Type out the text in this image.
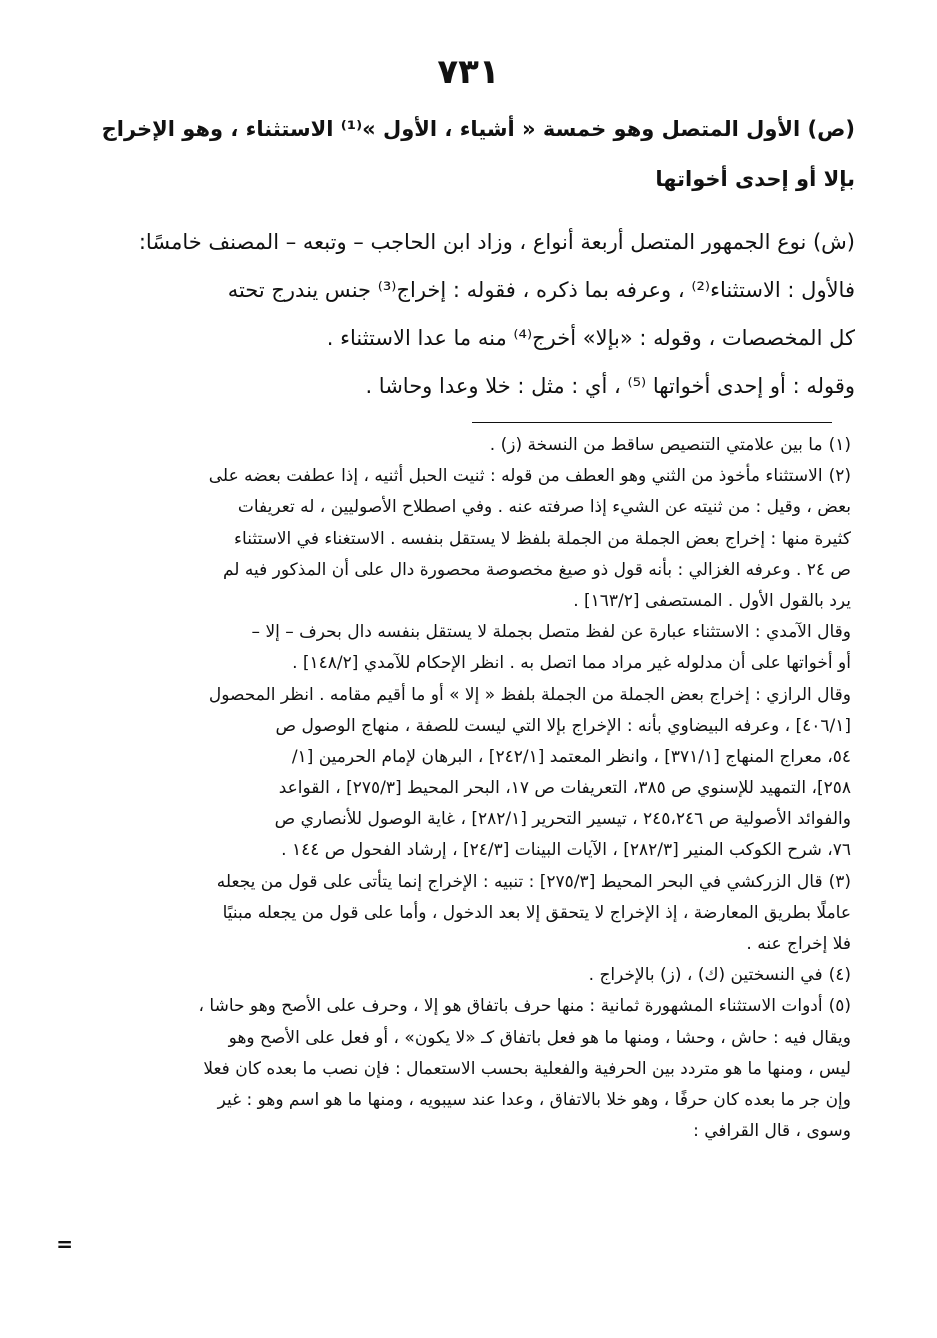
٧٣١
(ص) الأول المتصل وهو خمسة « أشياء ، الأول »⁽¹⁾ الاستثناء ، وهو الإخراج
بإلا أو إحدى أخواتها
(ش) نوع الجمهور المتصل أربعة أنواع ، وزاد ابن الحاجب – وتبعه – المصنف خامسًا:
فالأول : الاستثناء⁽²⁾ ، وعرفه بما ذكره ، فقوله : إخراج⁽³⁾ جنس يندرج تحته
كل المخصصات ، وقوله : «بإلا» أخرج⁽⁴⁾ منه ما عدا الاستثناء .
وقوله : أو إحدى أخواتها ⁽⁵⁾ ، أي : مثل : خلا وعدا وحاشا .
(١)ما بين علامتي التنصيص ساقط من النسخة (ز) .
(٢)الاستثناء مأخوذ من الثني وهو العطف من قوله : ثنيت الحبل أثنيه ، إذا عطفت بعضه على
بعض ، وقيل : من ثنيته عن الشيء إذا صرفته عنه . وفي اصطلاح الأصوليين ، له تعريفات
كثيرة منها : إخراج بعض الجملة من الجملة بلفظ لا يستقل بنفسه . الاستغناء في الاستثناء
ص ٢٤ . وعرفه الغزالي : بأنه قول ذو صيغ مخصوصة محصورة دال على أن المذكور فيه لم
يرد بالقول الأول . المستصفى [١٦٣/٢] .
وقال الآمدي : الاستثناء عبارة عن لفظ متصل بجملة لا يستقل بنفسه دال بحرف – إلا –
أو أخواتها على أن مدلوله غير مراد مما اتصل به . انظر الإحكام للآمدي [١٤٨/٢] .
وقال الرازي : إخراج بعض الجملة من الجملة بلفظ « إلا » أو ما أقيم مقامه . انظر المحصول
[٤٠٦/١] ، وعرفه البيضاوي بأنه : الإخراج بإلا التي ليست للصفة ، منهاج الوصول ص
٥٤، معراج المنهاج [٣٧١/١] ، وانظر المعتمد [٢٤٢/١] ، البرهان لإمام الحرمين [١/
٢٥٨]، التمهيد للإسنوي ص ٣٨٥، التعريفات ص ١٧، البحر المحيط [٢٧٥/٣] ، القواعد
والفوائد الأصولية ص ٢٤٥،٢٤٦ ، تيسير التحرير [٢٨٢/١] ، غاية الوصول للأنصاري ص
٧٦، شرح الكوكب المنير [٢٨٢/٣] ، الآيات البينات [٢٤/٣] ، إرشاد الفحول ص ١٤٤ .
(٣)قال الزركشي في البحر المحيط [٢٧٥/٣] : تنبيه : الإخراج إنما يتأتى على قول من يجعله
عاملًا بطريق المعارضة ، إذ الإخراج لا يتحقق إلا بعد الدخول ، وأما على قول من يجعله مبنيًا
فلا إخراج عنه .
(٤)في النسختين (ك) ، (ز) بالإخراج .
(٥)أدوات الاستثناء المشهورة ثمانية : منها حرف باتفاق هو إلا ، وحرف على الأصح وهو حاشا ،
ويقال فيه : حاش ، وحشا ، ومنها ما هو فعل باتفاق كـ «لا يكون» ، أو فعل على الأصح وهو
ليس ، ومنها ما هو متردد بين الحرفية والفعلية بحسب الاستعمال : فإن نصب ما بعده كان فعلا
وإن جر ما بعده كان حرفًا ، وهو خلا بالاتفاق ، وعدا عند سيبويه ، ومنها ما هو اسم وهو : غير
وسوى ، قال القرافي :
=
